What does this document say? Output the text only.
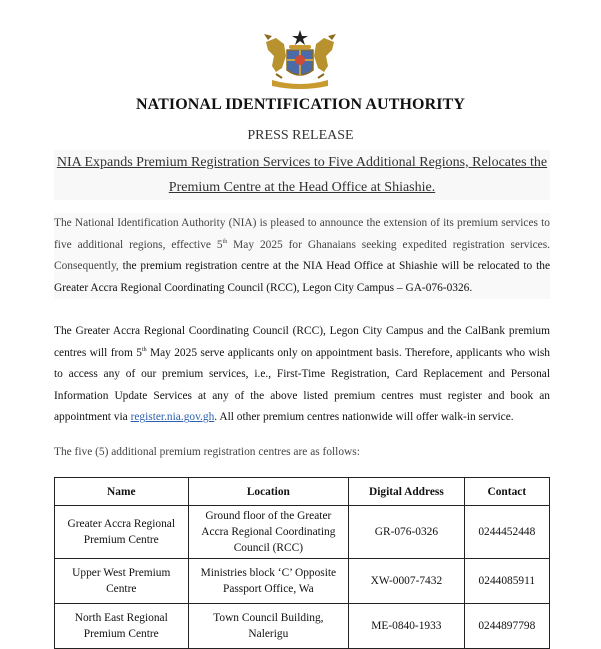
NATIONAL IDENTIFICATION AUTHORITY
PRESS RELEASE
NIA Expands Premium Registration Services to Five Additional Regions, Relocates the Premium Centre at the Head Office at Shiashie.
The National Identification Authority (NIA) is pleased to announce the extension of its premium services to five additional regions, effective 5th May 2025 for Ghanaians seeking expedited registration services. Consequently, the premium registration centre at the NIA Head Office at Shiashie will be relocated to the Greater Accra Regional Coordinating Council (RCC), Legon City Campus – GA-076-0326.
The Greater Accra Regional Coordinating Council (RCC), Legon City Campus and the CalBank premium centres will from 5th May 2025 serve applicants only on appointment basis. Therefore, applicants who wish to access any of our premium services, i.e., First-Time Registration, Card Replacement and Personal Information Update Services at any of the above listed premium centres must register and book an appointment via register.nia.gov.gh. All other premium centres nationwide will offer walk-in service.
The five (5) additional premium registration centres are as follows:
Name	Location	Digital Address	Contact
Greater Accra Regional Premium Centre	Ground floor of the Greater Accra Regional Coordinating Council (RCC)	GR-076-0326	0244452448
Upper West Premium Centre	Ministries block ‘C’ Opposite Passport Office, Wa	XW-0007-7432	0244085911
North East Regional Premium Centre	Town Council Building, Nalerigu	ME-0840-1933	0244897798
